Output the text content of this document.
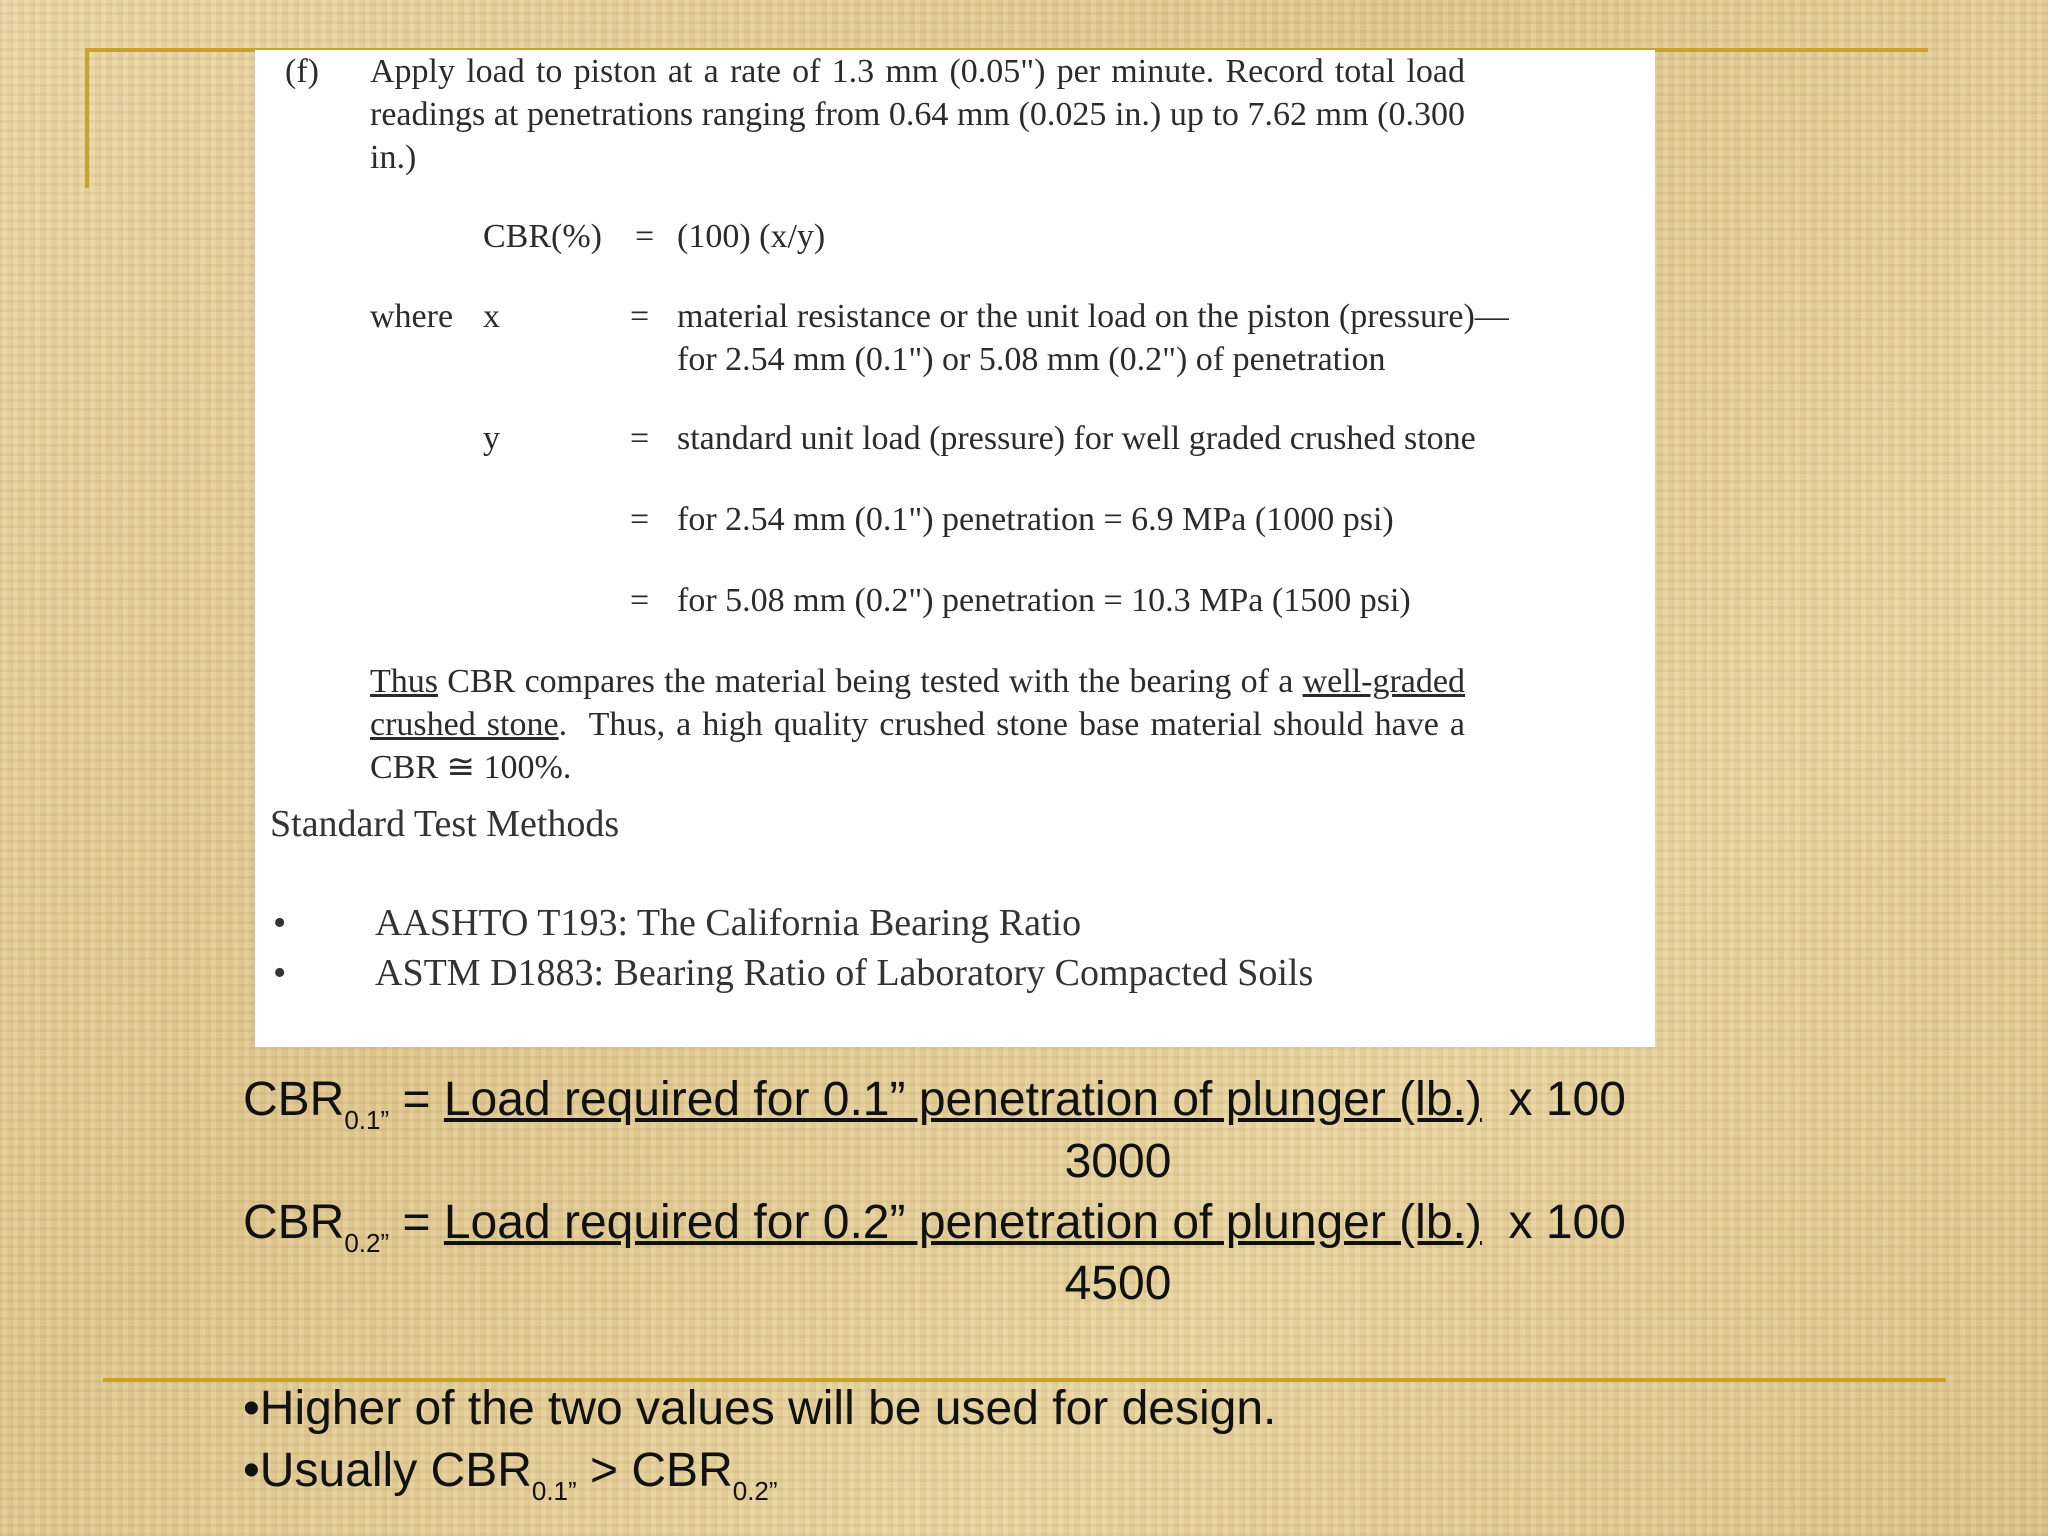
(f) Apply load to piston at a rate of 1.3 mm (0.05") per minute. Record total load
readings at penetrations ranging from 0.64 mm (0.025 in.) up to 7.62 mm (0.300
in.)
CBR(%) = (100) (x/y)
where x	= material resistance or the unit load on the piston (pressure)—
for 2.54 mm (0.1") or 5.08 mm (0.2") of penetration
y	= standard unit load (pressure) for well graded crushed stone
= for 2.54 mm (0.1") penetration = 6.9 MPa (1000 psi)
= for 5.08 mm (0.2") penetration = 10.3 MPa (1500 psi)
Thus CBR compares the material being tested with the bearing of a well-graded
crushed stone.  Thus, a high quality crushed stone base material should have a
CBR ≅ 100%.
Standard Test Methods
• AASHTO T193: The California Bearing Ratio
• ASTM D1883: Bearing Ratio of Laboratory Compacted Soils
$CBR_{0.1”}$ = Load required for 0.1” penetration of plunger (lb.)  x 100
3000
$CBR_{0.2”}$ = Load required for 0.2” penetration of plunger (lb.)  x 100
4500
•Higher of the two values will be used for design.
•Usually $CBR_{0.1”} > CBR_{0.2”}$
